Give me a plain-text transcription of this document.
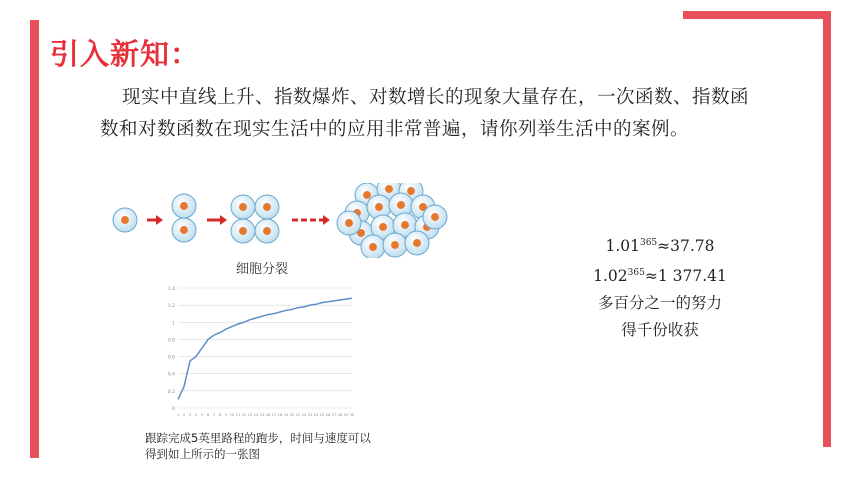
引入新知：
现实中直线上升、指数爆炸、对数增长的现象大量存在，一次函数、指数函数和对数函数在现实生活中的应用非常普遍，请你列举生活中的案例。
细胞分裂
0
0.2
0.4
0.6
0.8
1
1.2
1.4
1 2 3 4 5 6 7 8 9 10 11 12 13 14 15 16 17 18 19 20 21 22 23 24 25 26 27 28 29 30
跟踪完成5英里路程的跑步，时间与速度可以得到如上所示的一张图
$1.01^{365}\approx 37.78$
$1.02^{365}\approx 1$ 377.41
多百分之一的努力
得千份收获
